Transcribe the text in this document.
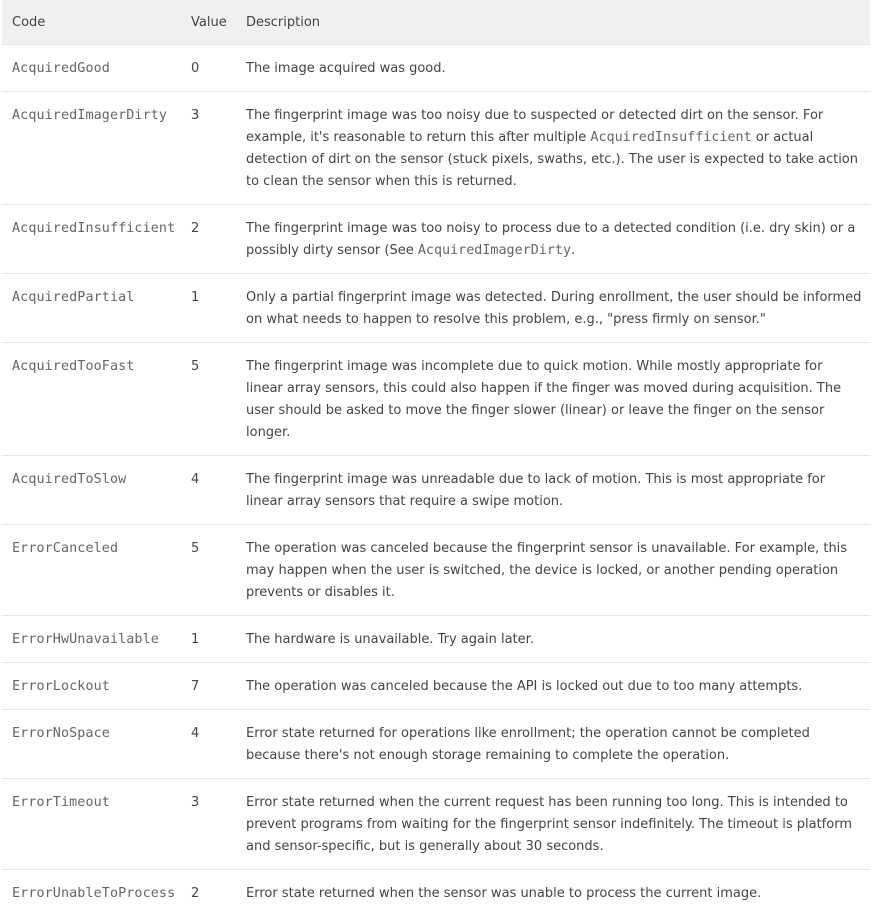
Code	Value	Description
AcquiredGood	0	The image acquired was good.
AcquiredImagerDirty	3	The fingerprint image was too noisy due to suspected or detected dirt on the sensor. For example, it's reasonable to return this after multiple AcquiredInsufficient or actual detection of dirt on the sensor (stuck pixels, swaths, etc.). The user is expected to take action to clean the sensor when this is returned.
AcquiredInsufficient	2	The fingerprint image was too noisy to process due to a detected condition (i.e. dry skin) or a possibly dirty sensor (See AcquiredImagerDirty.
AcquiredPartial	1	Only a partial fingerprint image was detected. During enrollment, the user should be informed on what needs to happen to resolve this problem, e.g., "press firmly on sensor."
AcquiredTooFast	5	The fingerprint image was incomplete due to quick motion. While mostly appropriate for linear array sensors, this could also happen if the finger was moved during acquisition. The user should be asked to move the finger slower (linear) or leave the finger on the sensor longer.
AcquiredToSlow	4	The fingerprint image was unreadable due to lack of motion. This is most appropriate for linear array sensors that require a swipe motion.
ErrorCanceled	5	The operation was canceled because the fingerprint sensor is unavailable. For example, this may happen when the user is switched, the device is locked, or another pending operation prevents or disables it.
ErrorHwUnavailable	1	The hardware is unavailable. Try again later.
ErrorLockout	7	The operation was canceled because the API is locked out due to too many attempts.
ErrorNoSpace	4	Error state returned for operations like enrollment; the operation cannot be completed because there's not enough storage remaining to complete the operation.
ErrorTimeout	3	Error state returned when the current request has been running too long. This is intended to prevent programs from waiting for the fingerprint sensor indefinitely. The timeout is platform and sensor-specific, but is generally about 30 seconds.
ErrorUnableToProcess	2	Error state returned when the sensor was unable to process the current image.
